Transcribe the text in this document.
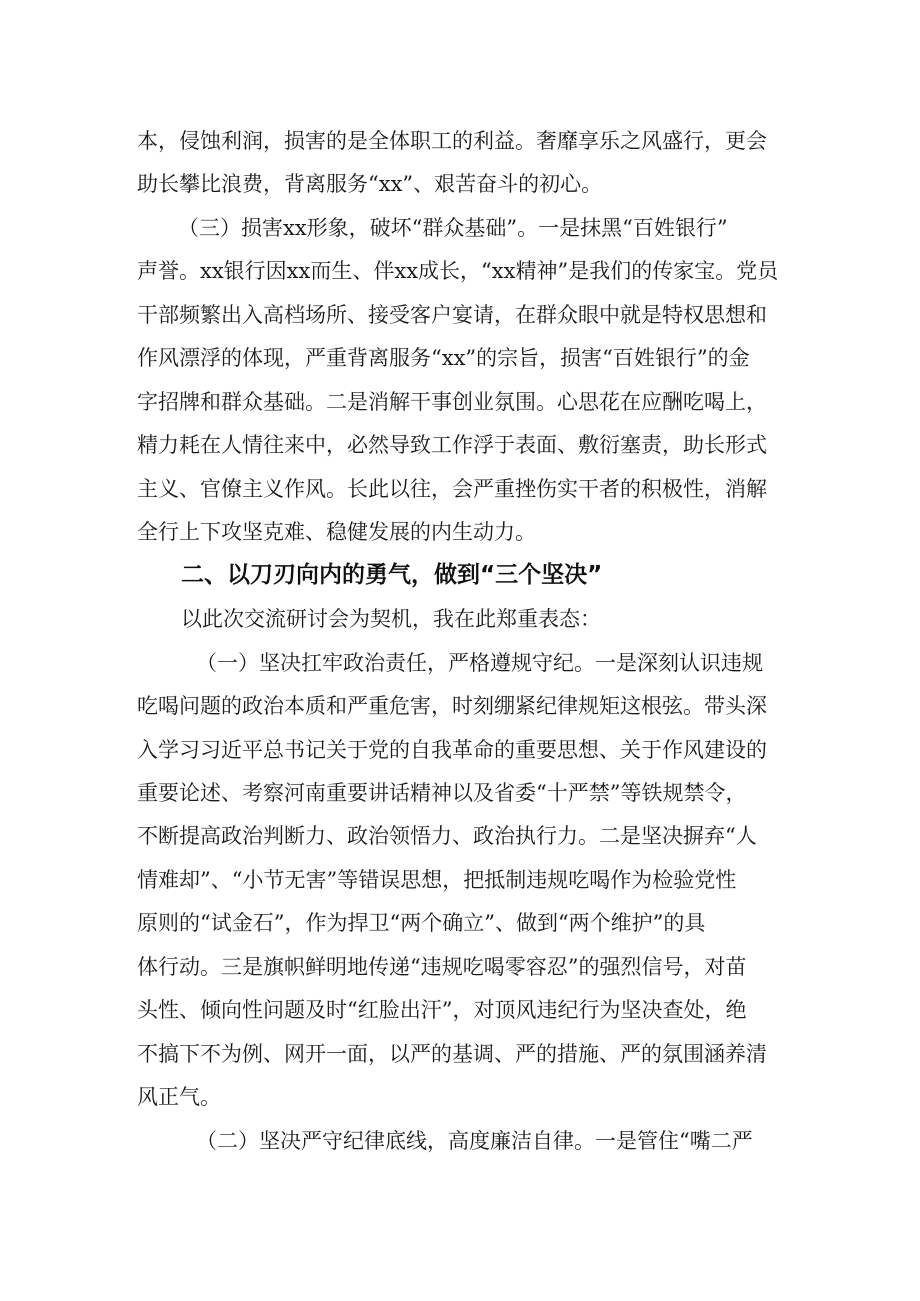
本，侵蚀利润，损害的是全体职工的利益。奢靡享乐之风盛行，更会

助长攀比浪费，背离服务“xx”、艰苦奋斗的初心。

（三）损害xx形象，破坏“群众基础”。一是抹黑“百姓银行”

声誉。xx银行因xx而生、伴xx成长，“xx精神”是我们的传家宝。党员

干部频繁出入高档场所、接受客户宴请，在群众眼中就是特权思想和

作风漂浮的体现，严重背离服务“xx”的宗旨，损害“百姓银行”的金

字招牌和群众基础。二是消解干事创业氛围。心思花在应酬吃喝上，

精力耗在人情往来中，必然导致工作浮于表面、敷衍塞责，助长形式

主义、官僚主义作风。长此以往，会严重挫伤实干者的积极性，消解

全行上下攻坚克难、稳健发展的内生动力。

二、以刀刃向内的勇气，做到“三个坚决”

以此次交流研讨会为契机，我在此郑重表态：

（一）坚决扛牢政治责任，严格遵规守纪。一是深刻认识违规

吃喝问题的政治本质和严重危害，时刻绷紧纪律规矩这根弦。带头深

入学习习近平总书记关于党的自我革命的重要思想、关于作风建设的

重要论述、考察河南重要讲话精神以及省委“十严禁”等铁规禁令，

不断提高政治判断力、政治领悟力、政治执行力。二是坚决摒弃“人

情难却”、“小节无害”等错误思想，把抵制违规吃喝作为检验党性

原则的“试金石”，作为捍卫“两个确立”、做到“两个维护”的具

体行动。三是旗帜鲜明地传递“违规吃喝零容忍”的强烈信号，对苗

头性、倾向性问题及时“红脸出汗”，对顶风违纪行为坚决查处，绝

不搞下不为例、网开一面，以严的基调、严的措施、严的氛围涵养清

风正气。

（二）坚决严守纪律底线，高度廉洁自律。一是管住“嘴二严
